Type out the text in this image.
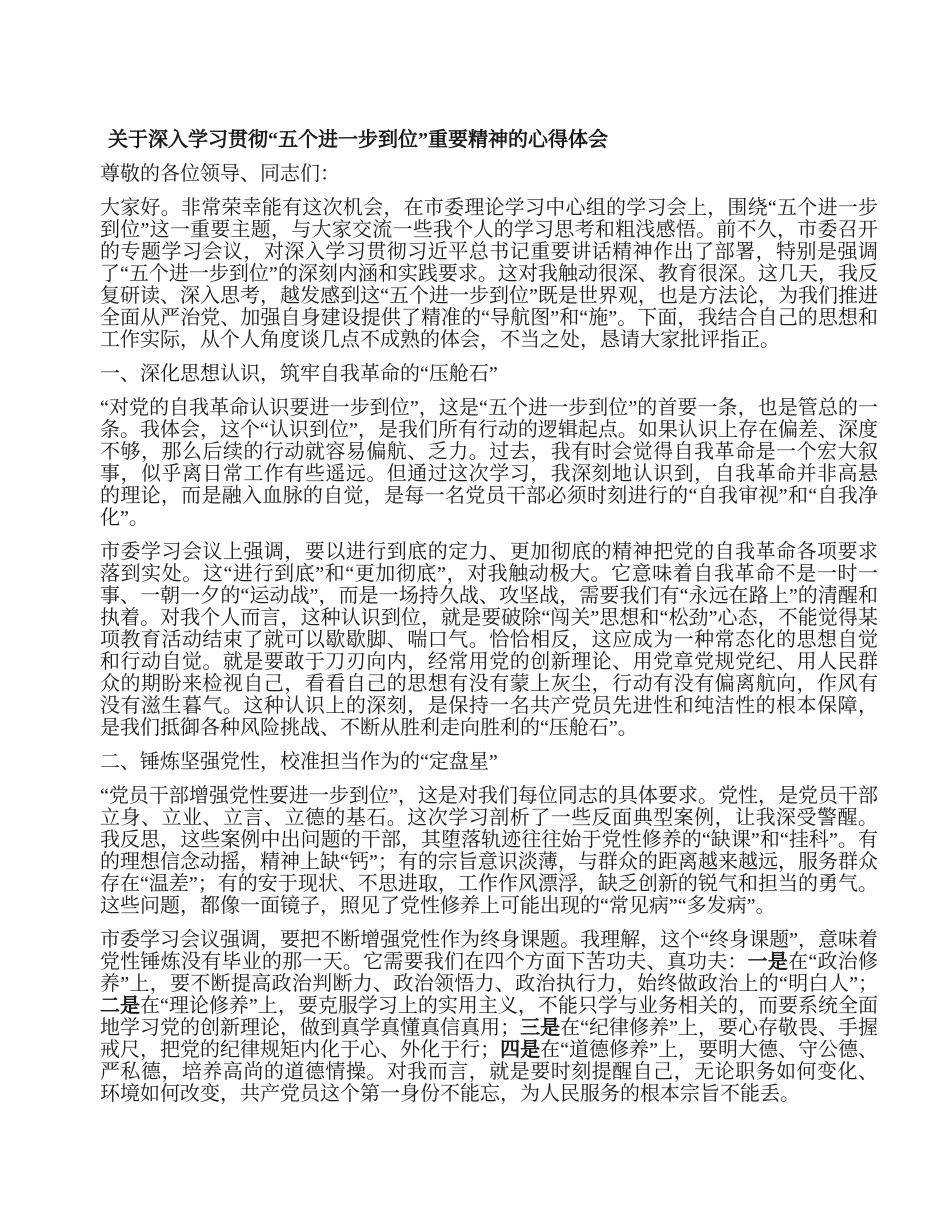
关于深入学习贯彻“五个进一步到位”重要精神的心得体会

尊敬的各位领导、同志们：

大家好。非常荣幸能有这次机会，在市委理论学习中心组的学习会上，围绕“五个进一步到位”这一重要主题，与大家交流一些我个人的学习思考和粗浅感悟。前不久，市委召开的专题学习会议，对深入学习贯彻习近平总书记重要讲话精神作出了部署，特别是强调了“五个进一步到位”的深刻内涵和实践要求。这对我触动很深、教育很深。这几天，我反复研读、深入思考，越发感到这“五个进一步到位”既是世界观，也是方法论，为我们推进全面从严治党、加强自身建设提供了精准的“导航图”和“施”。下面，我结合自己的思想和工作实际，从个人角度谈几点不成熟的体会，不当之处，恳请大家批评指正。

一、深化思想认识，筑牢自我革命的“压舱石”

“对党的自我革命认识要进一步到位”，这是“五个进一步到位”的首要一条，也是管总的一条。我体会，这个“认识到位”，是我们所有行动的逻辑起点。如果认识上存在偏差、深度不够，那么后续的行动就容易偏航、乏力。过去，我有时会觉得自我革命是一个宏大叙事，似乎离日常工作有些遥远。但通过这次学习，我深刻地认识到，自我革命并非高悬的理论，而是融入血脉的自觉，是每一名党员干部必须时刻进行的“自我审视”和“自我净化”。

市委学习会议上强调，要以进行到底的定力、更加彻底的精神把党的自我革命各项要求落到实处。这“进行到底”和“更加彻底”，对我触动极大。它意味着自我革命不是一时一事、一朝一夕的“运动战”，而是一场持久战、攻坚战，需要我们有“永远在路上”的清醒和执着。对我个人而言，这种认识到位，就是要破除“闯关”思想和“松劲”心态，不能觉得某项教育活动结束了就可以歇歇脚、喘口气。恰恰相反，这应成为一种常态化的思想自觉和行动自觉。就是要敢于刀刃向内，经常用党的创新理论、用党章党规党纪、用人民群众的期盼来检视自己，看看自己的思想有没有蒙上灰尘，行动有没有偏离航向，作风有没有滋生暮气。这种认识上的深刻，是保持一名共产党员先进性和纯洁性的根本保障，是我们抵御各种风险挑战、不断从胜利走向胜利的“压舱石”。

二、锤炼坚强党性，校准担当作为的“定盘星”

“党员干部增强党性要进一步到位”，这是对我们每位同志的具体要求。党性，是党员干部立身、立业、立言、立德的基石。这次学习剖析了一些反面典型案例，让我深受警醒。我反思，这些案例中出问题的干部，其堕落轨迹往往始于党性修养的“缺课”和“挂科”。有的理想信念动摇，精神上缺“钙”；有的宗旨意识淡薄，与群众的距离越来越远，服务群众存在“温差”；有的安于现状、不思进取，工作作风漂浮，缺乏创新的锐气和担当的勇气。这些问题，都像一面镜子，照见了党性修养上可能出现的“常见病”“多发病”。

市委学习会议强调，要把不断增强党性作为终身课题。我理解，这个“终身课题”，意味着党性锤炼没有毕业的那一天。它需要我们在四个方面下苦功夫、真功夫：一是在“政治修养”上，要不断提高政治判断力、政治领悟力、政治执行力，始终做政治上的“明白人”；二是在“理论修养”上，要克服学习上的实用主义，不能只学与业务相关的，而要系统全面地学习党的创新理论，做到真学真懂真信真用；三是在“纪律修养”上，要心存敬畏、手握戒尺，把党的纪律规矩内化于心、外化于行；四是在“道德修养”上，要明大德、守公德、严私德，培养高尚的道德情操。对我而言，就是要时刻提醒自己，无论职务如何变化、环境如何改变，共产党员这个第一身份不能忘，为人民服务的根本宗旨不能丢。
